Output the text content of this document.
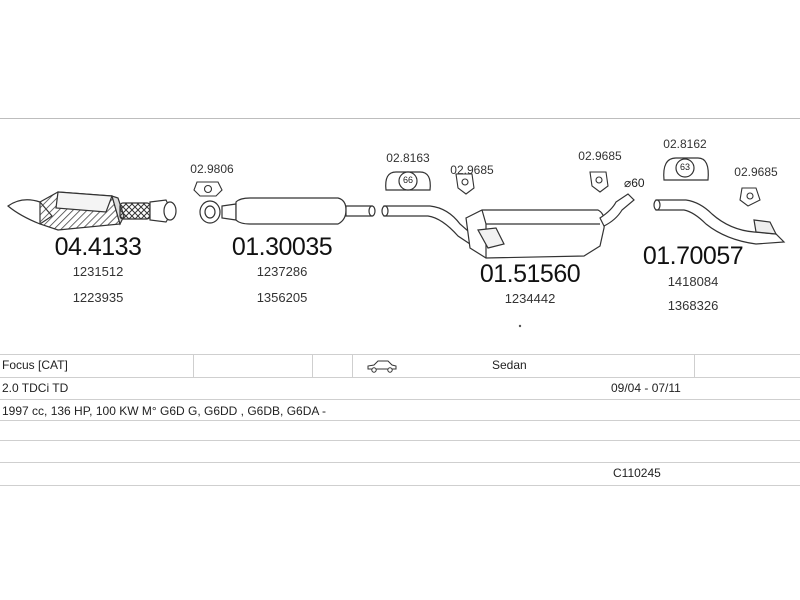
66
63
⌀60
02.9806
02.8163
02.9685
02.9685
02.8162
02.9685
04.4133
1231512
1223935
01.30035
1237286
1356205
01.51560
1234442
01.70057
1418084
1368326
Focus [CAT]	Sedan
2.0 TDCi TD	09/04 - 07/11
1997 cc, 136 HP, 100 KW M° G6D G, G6DD , G6DB, G6DA -
C110245
